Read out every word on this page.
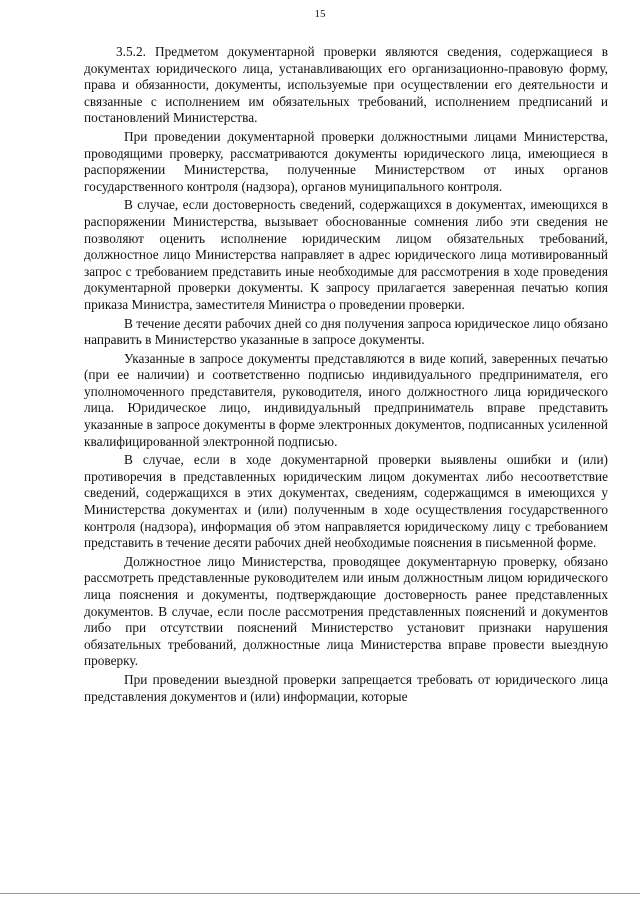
15

3.5.2. Предметом документарной проверки являются сведения, содержащиеся в документах юридического лица, устанавливающих его организационно-правовую форму, права и обязанности, документы, используемые при осуществлении его деятельности и связанные с исполнением им обязательных требований, исполнением предписаний и постановлений Министерства.

При проведении документарной проверки должностными лицами Министерства, проводящими проверку, рассматриваются документы юридического лица, имеющиеся в распоряжении Министерства, полученные Министерством от иных органов государственного контроля (надзора), органов муниципального контроля.

В случае, если достоверность сведений, содержащихся в документах, имеющихся в распоряжении Министерства, вызывает обоснованные сомнения либо эти сведения не позволяют оценить исполнение юридическим лицом обязательных требований, должностное лицо Министерства направляет в адрес юридического лица мотивированный запрос с требованием представить иные необходимые для рассмотрения в ходе проведения документарной проверки документы. К запросу прилагается заверенная печатью копия приказа Министра, заместителя Министра о проведении проверки.

В течение десяти рабочих дней со дня получения запроса юридическое лицо обязано направить в Министерство указанные в запросе документы.

Указанные в запросе документы представляются в виде копий, заверенных печатью (при ее наличии) и соответственно подписью индивидуального предпринимателя, его уполномоченного представителя, руководителя, иного должностного лица юридического лица. Юридическое лицо, индивидуальный предприниматель вправе представить указанные в запросе документы в форме электронных документов, подписанных усиленной квалифицированной электронной подписью.

В случае, если в ходе документарной проверки выявлены ошибки и (или) противоречия в представленных юридическим лицом документах либо несоответствие сведений, содержащихся в этих документах, сведениям, содержащимся в имеющихся у Министерства документах и (или) полученным в ходе осуществления государственного контроля (надзора), информация об этом направляется юридическому лицу с требованием представить в течение десяти рабочих дней необходимые пояснения в письменной форме.

Должностное лицо Министерства, проводящее документарную проверку, обязано рассмотреть представленные руководителем или иным должностным лицом юридического лица пояснения и документы, подтверждающие достоверность ранее представленных документов. В случае, если после рассмотрения представленных пояснений и документов либо при отсутствии пояснений Министерство установит признаки нарушения обязательных требований, должностные лица Министерства вправе провести выездную проверку.

При проведении выездной проверки запрещается требовать от юридического лица представления документов и (или) информации, которые
